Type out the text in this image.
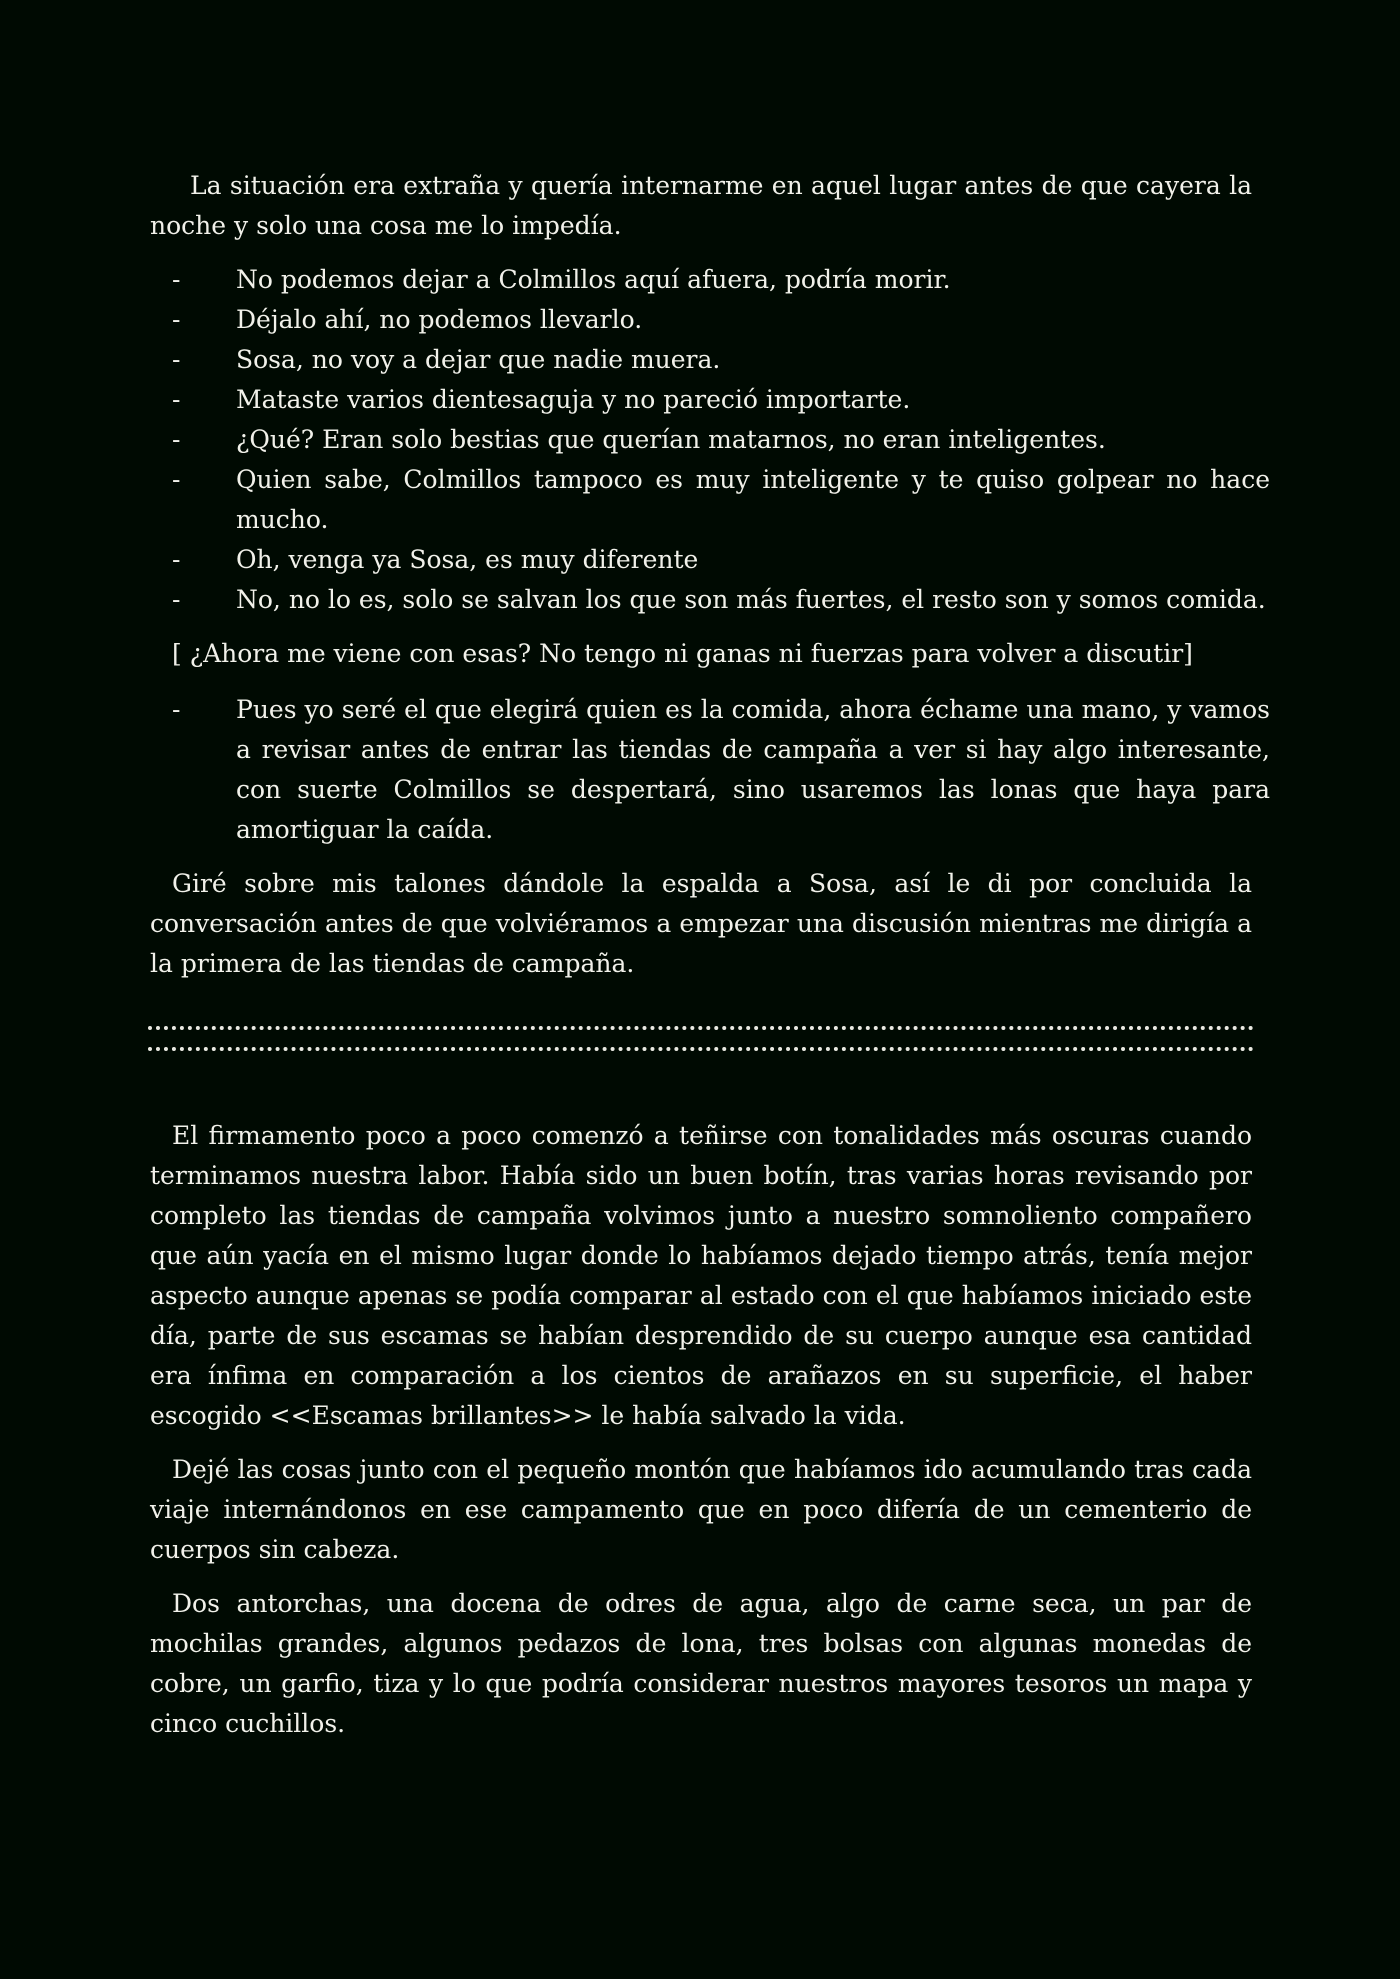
La situación era extraña y quería internarme en aquel lugar antes de que cayera la noche y solo una cosa me lo impedía.

- No podemos dejar a Colmillos aquí afuera, podría morir.
- Déjalo ahí, no podemos llevarlo.
- Sosa, no voy a dejar que nadie muera.
- Mataste varios dientesaguja y no pareció importarte.
- ¿Qué? Eran solo bestias que querían matarnos, no eran inteligentes.
- Quien sabe, Colmillos tampoco es muy inteligente y te quiso golpear no hace mucho.
- Oh, venga ya Sosa, es muy diferente
- No, no lo es, solo se salvan los que son más fuertes, el resto son y somos comida.

[ ¿Ahora me viene con esas? No tengo ni ganas ni fuerzas para volver a discutir]

- Pues yo seré el que elegirá quien es la comida, ahora échame una mano, y vamos a revisar antes de entrar las tiendas de campaña a ver si hay algo interesante, con suerte Colmillos se despertará, sino usaremos las lonas que haya para amortiguar la caída.

Giré sobre mis talones dándole la espalda a Sosa, así le di por concluida la conversación antes de que volviéramos a empezar una discusión mientras me dirigía a la primera de las tiendas de campaña.

El firmamento poco a poco comenzó a teñirse con tonalidades más oscuras cuando terminamos nuestra labor. Había sido un buen botín, tras varias horas revisando por completo las tiendas de campaña volvimos junto a nuestro somnoliento compañero que aún yacía en el mismo lugar donde lo habíamos dejado tiempo atrás, tenía mejor aspecto aunque apenas se podía comparar al estado con el que habíamos iniciado este día, parte de sus escamas se habían desprendido de su cuerpo aunque esa cantidad era ínfima en comparación a los cientos de arañazos en su superficie, el haber escogido <<Escamas brillantes>> le había salvado la vida.

Dejé las cosas junto con el pequeño montón que habíamos ido acumulando tras cada viaje internándonos en ese campamento que en poco difería de un cementerio de cuerpos sin cabeza.

Dos antorchas, una docena de odres de agua, algo de carne seca, un par de mochilas grandes, algunos pedazos de lona, tres bolsas con algunas monedas de cobre, un garfio, tiza y lo que podría considerar nuestros mayores tesoros un mapa y cinco cuchillos.
